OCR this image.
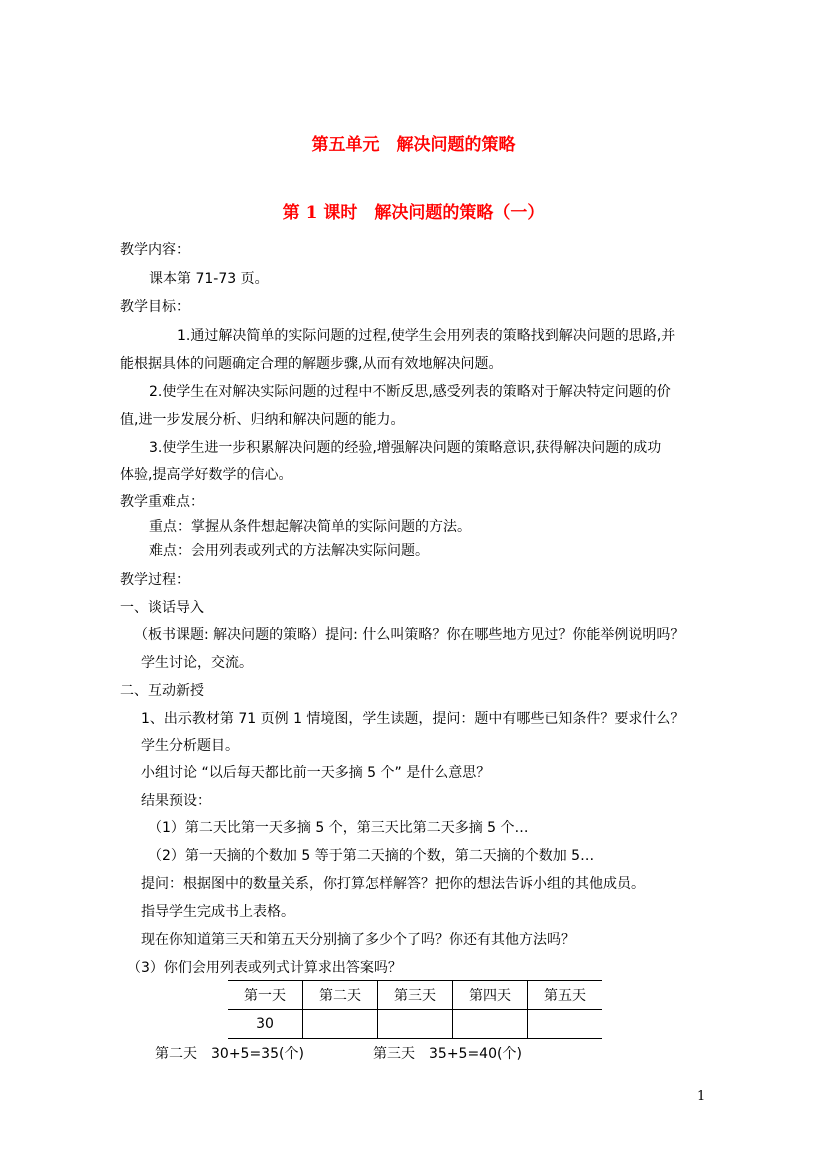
第五单元　解决问题的策略
第 1 课时　解决问题的策略（一）
教学内容：
课本第 71-73 页。
教学目标：
1.通过解决简单的实际问题的过程,使学生会用列表的策略找到解决问题的思路,并
能根据具体的问题确定合理的解题步骤,从而有效地解决问题。
2.使学生在对解决实际问题的过程中不断反思,感受列表的策略对于解决特定问题的价
值,进一步发展分析、归纳和解决问题的能力。
3.使学生进一步积累解决问题的经验,增强解决问题的策略意识,获得解决问题的成功
体验,提高学好数学的信心。
教学重难点：
重点：掌握从条件想起解决简单的实际问题的方法。
难点：会用列表或列式的方法解决实际问题。
教学过程：
一、谈话导入
（板书课题: 解决问题的策略）提问: 什么叫策略？你在哪些地方见过？你能举例说明吗？
学生讨论，交流。
二、互动新授
1、出示教材第 71 页例 1 情境图，学生读题，提问：题中有哪些已知条件？要求什么？
学生分析题目。
小组讨论 “以后每天都比前一天多摘 5 个” 是什么意思？
结果预设：
（1）第二天比第一天多摘 5 个，第三天比第二天多摘 5 个…
（2）第一天摘的个数加 5 等于第二天摘的个数，第二天摘的个数加 5…
提问：根据图中的数量关系，你打算怎样解答？把你的想法告诉小组的其他成员。
指导学生完成书上表格。
现在你知道第三天和第五天分别摘了多少个了吗？你还有其他方法吗？
（3）你们会用列表或列式计算求出答案吗？
第一天	第二天	第三天	第四天	第五天
30				
第二天　30+5=35(个)	第三天　35+5=40(个)
1
